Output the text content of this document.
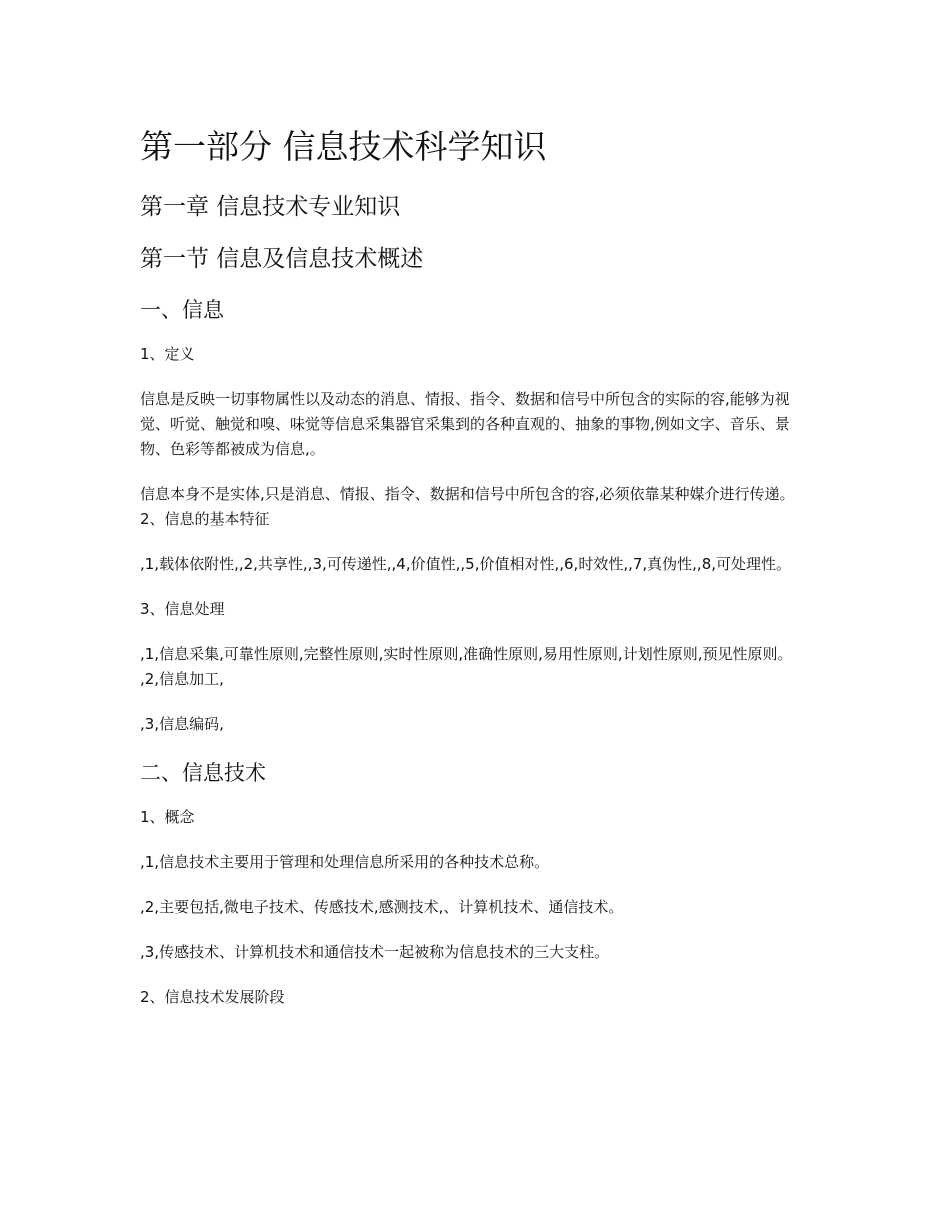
第一部分 信息技术科学知识
第一章 信息技术专业知识
第一节 信息及信息技术概述
一、信息

1、定义

信息是反映一切事物属性以及动态的消息、情报、指令、数据和信号中所包含的实际的容,能够为视觉、听觉、触觉和嗅、味觉等信息采集器官采集到的各种直观的、抽象的事物,例如文字、音乐、景物、色彩等都被成为信息,。

信息本身不是实体,只是消息、情报、指令、数据和信号中所包含的容,必须依靠某种媒介进行传递。 2、信息的基本特征

,1,载体依附性,,2,共享性,,3,可传递性,,4,价值性,,5,价值相对性,,6,时效性,,7,真伪性,,8,可处理性。

3、信息处理

,1,信息采集,可靠性原则,完整性原则,实时性原则,准确性原则,易用性原则,计划性原则,预见性原则。 ,2,信息加工,

,3,信息编码,

二、信息技术

1、概念

,1,信息技术主要用于管理和处理信息所采用的各种技术总称。

,2,主要包括,微电子技术、传感技术,感测技术,、计算机技术、通信技术。

,3,传感技术、计算机技术和通信技术一起被称为信息技术的三大支柱。

2、信息技术发展阶段
